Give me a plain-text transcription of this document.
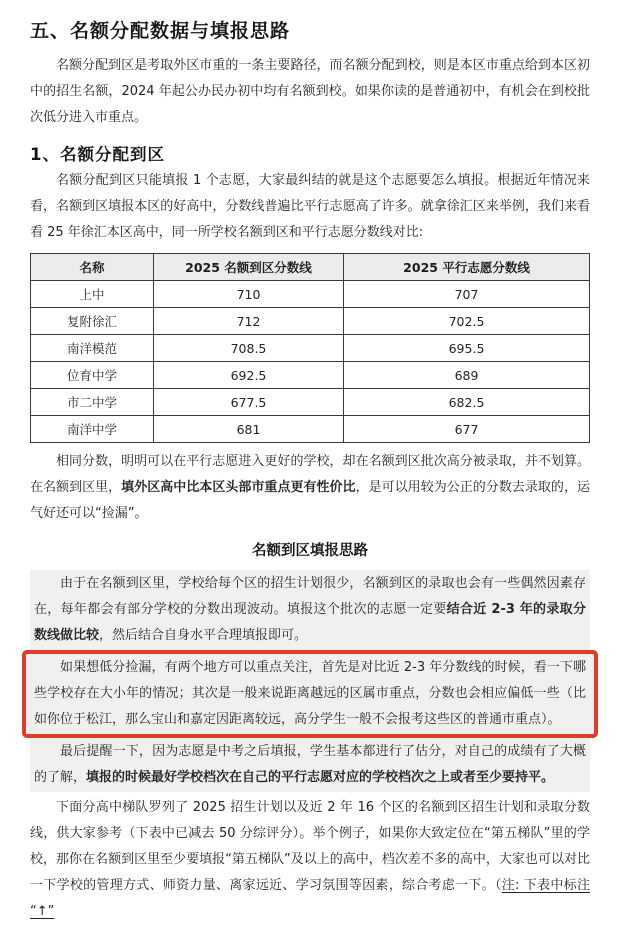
五、名额分配数据与填报思路

名额分配到区是考取外区市重的一条主要路径，而名额分配到校，则是本区市重点给到本区初中的招生名额，2024 年起公办民办初中均有名额到校。如果你读的是普通初中，有机会在到校批次低分进入市重点。

1、名额分配到区

名额分配到区只能填报 1 个志愿，大家最纠结的就是这个志愿要怎么填报。根据近年情况来看，名额到区填报本区的好高中，分数线普遍比平行志愿高了许多。就拿徐汇区来举例，我们来看看 25 年徐汇本区高中，同一所学校名额到区和平行志愿分数线对比:

名称	2025 名额到区分数线	2025 平行志愿分数线
上中	710	707
复附徐汇	712	702.5
南洋模范	708.5	695.5
位育中学	692.5	689
市二中学	677.5	682.5
南洋中学	681	677

相同分数，明明可以在平行志愿进入更好的学校，却在名额到区批次高分被录取，并不划算。在名额到区里，填外区高中比本区头部市重点更有性价比，是可以用较为公正的分数去录取的，运气好还可以“捡漏”。

名额到区填报思路

由于在名额到区里，学校给每个区的招生计划很少，名额到区的录取也会有一些偶然因素存在，每年都会有部分学校的分数出现波动。填报这个批次的志愿一定要结合近 2-3 年的录取分数线做比较，然后结合自身水平合理填报即可。

如果想低分捡漏，有两个地方可以重点关注，首先是对比近 2-3 年分数线的时候，看一下哪些学校存在大小年的情况；其次是一般来说距离越远的区属市重点，分数也会相应偏低一些（比如你位于松江，那么宝山和嘉定因距离较远，高分学生一般不会报考这些区的普通市重点）。

最后提醒一下，因为志愿是中考之后填报，学生基本都进行了估分，对自己的成绩有了大概的了解，填报的时候最好学校档次在自己的平行志愿对应的学校档次之上或者至少要持平。

下面分高中梯队罗列了 2025 招生计划以及近 2 年 16 个区的名额到区招生计划和录取分数线，供大家参考（下表中已减去 50 分综评分）。举个例子，如果你大致定位在“第五梯队”里的学校，那你在名额到区里至少要填报“第五梯队”及以上的高中，档次差不多的高中，大家也可以对比一下学校的管理方式、师资力量、离家远近、学习氛围等因素，综合考虑一下。（注: 下表中标注 “↑”
